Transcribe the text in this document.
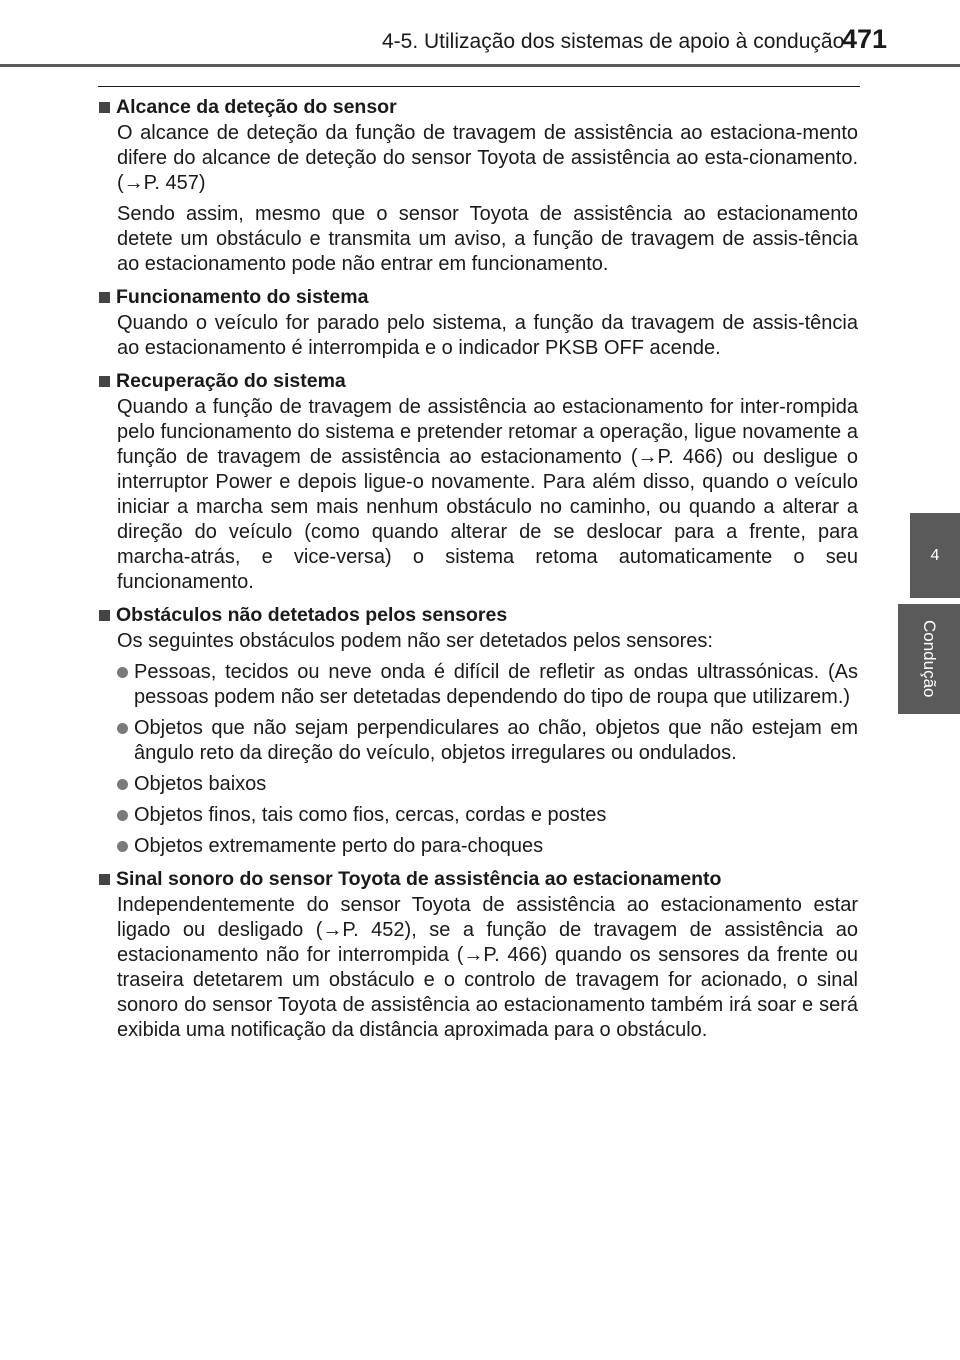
4-5. Utilização dos sistemas de apoio à condução
471
4
Condução
Alcance da deteção do sensor

O alcance de deteção da função de travagem de assistência ao estaciona-mento difere do alcance de deteção do sensor Toyota de assistência ao esta-cionamento. (→P. 457)

Sendo assim, mesmo que o sensor Toyota de assistência ao estacionamento detete um obstáculo e transmita um aviso, a função de travagem de assis-tência ao estacionamento pode não entrar em funcionamento.

Funcionamento do sistema

Quando o veículo for parado pelo sistema, a função da travagem de assis-tência ao estacionamento é interrompida e o indicador PKSB OFF acende.

Recuperação do sistema

Quando a função de travagem de assistência ao estacionamento for inter-rompida pelo funcionamento do sistema e pretender retomar a operação, ligue novamente a função de travagem de assistência ao estacionamento (→P. 466) ou desligue o interruptor Power e depois ligue-o novamente. Para além disso, quando o veículo iniciar a marcha sem mais nenhum obstáculo no caminho, ou quando a alterar a direção do veículo (como quando alterar de se deslocar para a frente, para marcha-atrás, e vice-versa) o sistema retoma automaticamente o seu funcionamento.

Obstáculos não detetados pelos sensores

Os seguintes obstáculos podem não ser detetados pelos sensores:

Pessoas, tecidos ou neve onda é difícil de refletir as ondas ultrassónicas. (As pessoas podem não ser detetadas dependendo do tipo de roupa que utilizarem.)
Objetos que não sejam perpendiculares ao chão, objetos que não estejam em ângulo reto da direção do veículo, objetos irregulares ou ondulados.
Objetos baixos
Objetos finos, tais como fios, cercas, cordas e postes
Objetos extremamente perto do para-choques
Sinal sonoro do sensor Toyota de assistência ao estacionamento

Independentemente do sensor Toyota de assistência ao estacionamento estar ligado ou desligado (→P. 452), se a função de travagem de assistência ao estacionamento não for interrompida (→P. 466) quando os sensores da frente ou traseira detetarem um obstáculo e o controlo de travagem for acionado, o sinal sonoro do sensor Toyota de assistência ao estacionamento também irá soar e será exibida uma notificação da distância aproximada para o obstáculo.
